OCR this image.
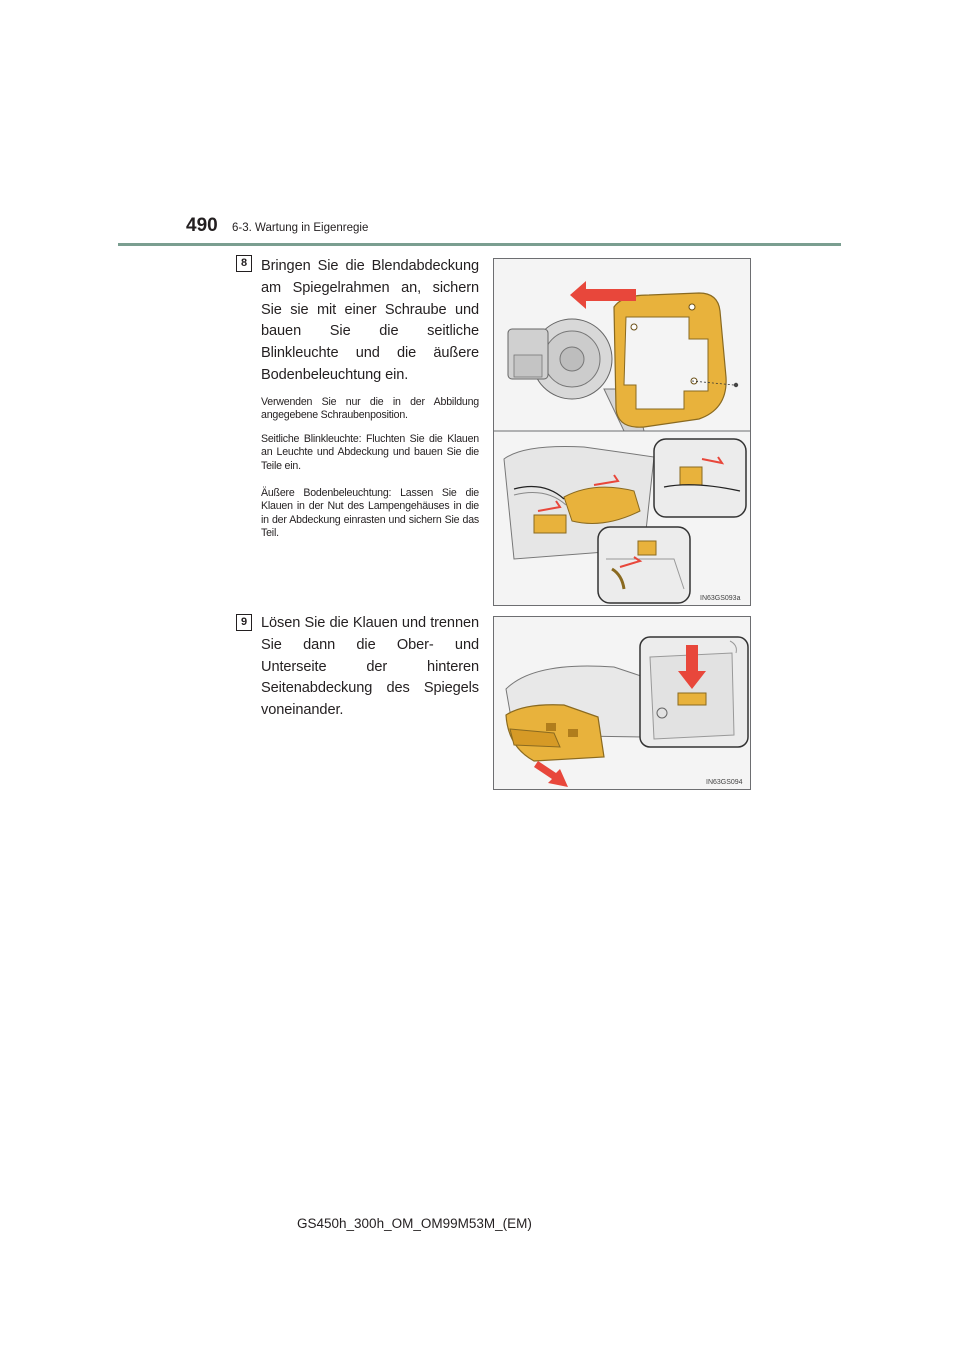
490 6-3. Wartung in Eigenregie
8 Bringen Sie die Blendabdeckung am Spiegelrahmen an, sichern Sie sie mit einer Schraube und bauen Sie die seitliche Blinkleuchte und die äußere Bodenbeleuchtung ein.

Verwenden Sie nur die in der Abbildung angegebene Schraubenposition.

Seitliche Blinkleuchte: Fluchten Sie die Klauen an Leuchte und Abdeckung und bauen Sie die Teile ein.

Äußere Bodenbeleuchtung: Lassen Sie die Klauen in der Nut des Lampengehäuses in die in der Abdeckung einrasten und sichern Sie das Teil.

IN63GS093a
9 Lösen Sie die Klauen und trennen Sie dann die Ober- und Unterseite der hinteren Seitenabdeckung des Spiegels voneinander.

IN63GS094
GS450h_300h_OM_OM99M53M_(EM)
